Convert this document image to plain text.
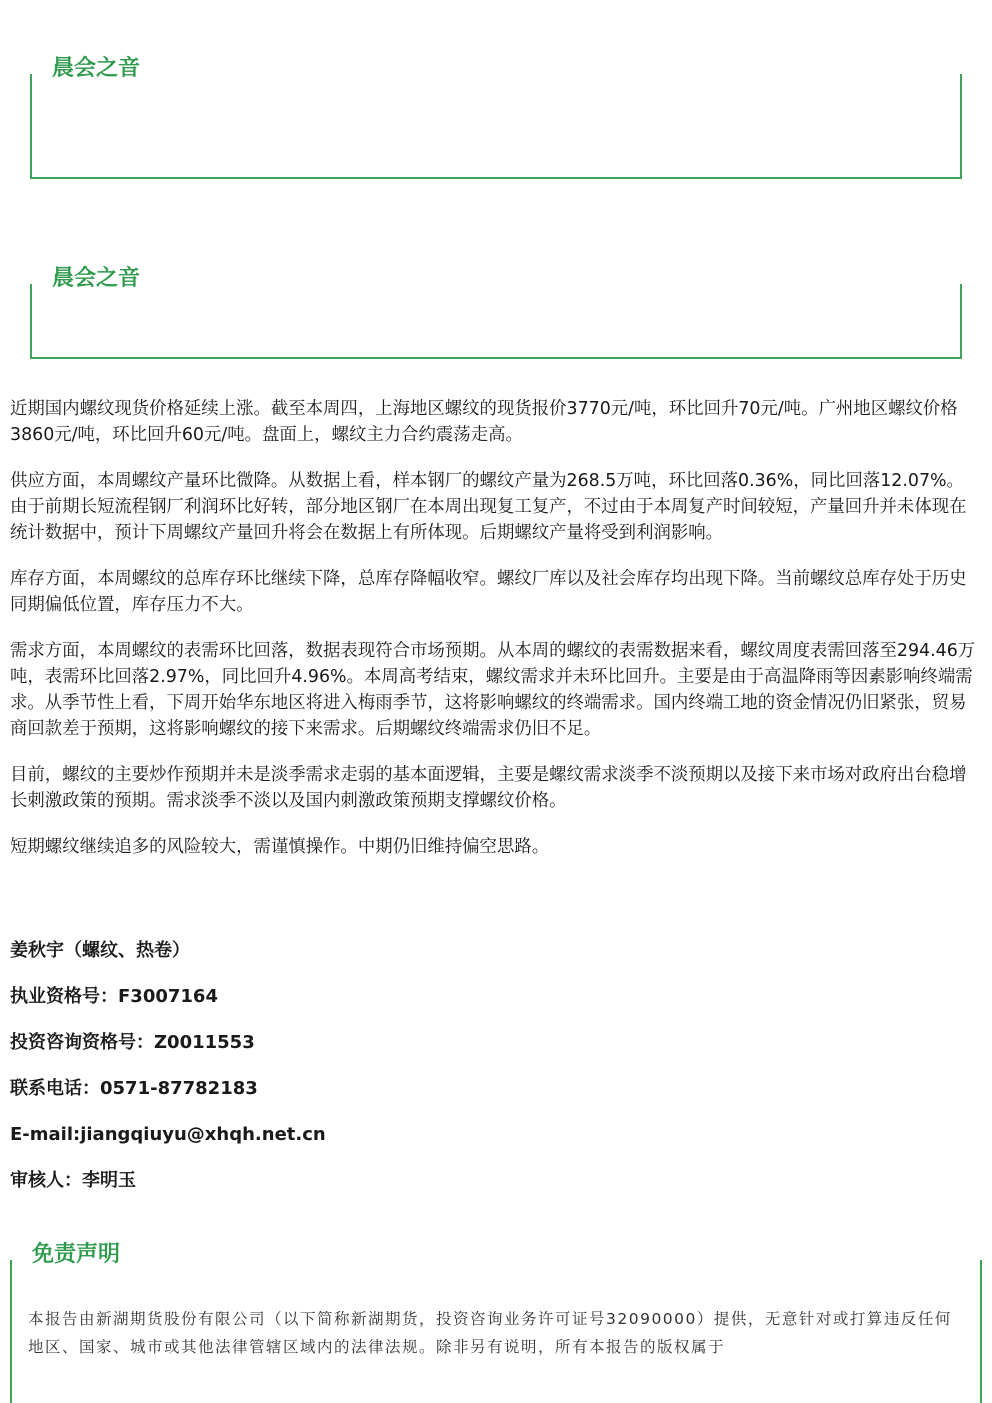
晨会之音
晨会之音

近期国内螺纹现货价格延续上涨。截至本周四，上海地区螺纹的现货报价3770元/吨，环比回升70元/吨。广州地区螺纹价格3860元/吨，环比回升60元/吨。盘面上，螺纹主力合约震荡走高。

供应方面，本周螺纹产量环比微降。从数据上看，样本钢厂的螺纹产量为268.5万吨，环比回落0.36%，同比回落12.07%。由于前期长短流程钢厂利润环比好转，部分地区钢厂在本周出现复工复产，不过由于本周复产时间较短，产量回升并未体现在统计数据中，预计下周螺纹产量回升将会在数据上有所体现。后期螺纹产量将受到利润影响。

库存方面，本周螺纹的总库存环比继续下降，总库存降幅收窄。螺纹厂库以及社会库存均出现下降。当前螺纹总库存处于历史同期偏低位置，库存压力不大。

需求方面，本周螺纹的表需环比回落，数据表现符合市场预期。从本周的螺纹的表需数据来看，螺纹周度表需回落至294.46万吨，表需环比回落2.97%，同比回升4.96%。本周高考结束，螺纹需求并未环比回升。主要是由于高温降雨等因素影响终端需求。从季节性上看，下周开始华东地区将进入梅雨季节，这将影响螺纹的终端需求。国内终端工地的资金情况仍旧紧张，贸易商回款差于预期，这将影响螺纹的接下来需求。后期螺纹终端需求仍旧不足。

目前，螺纹的主要炒作预期并未是淡季需求走弱的基本面逻辑，主要是螺纹需求淡季不淡预期以及接下来市场对政府出台稳增长刺激政策的预期。需求淡季不淡以及国内刺激政策预期支撑螺纹价格。

短期螺纹继续追多的风险较大，需谨慎操作。中期仍旧维持偏空思路。

姜秋宇（螺纹、热卷）
执业资格号：F3007164
投资咨询资格号：Z0011553
联系电话：0571-87782183
E-mail:jiangqiuyu@xhqh.net.cn
审核人：李明玉
免责声明
本报告由新湖期货股份有限公司（以下简称新湖期货，投资咨询业务许可证号32090000）提供，无意针对或打算违反任何地区、国家、城市或其他法律管辖区域内的法律法规。除非另有说明，所有本报告的版权属于
